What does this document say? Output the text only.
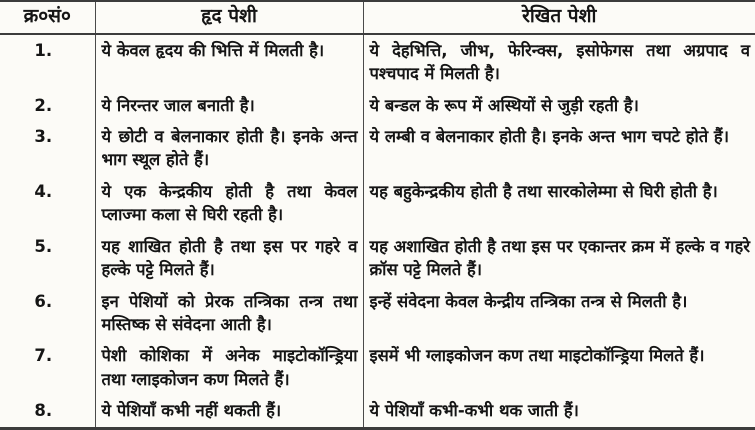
क्र०सं०	हृद पेशी	रेखित पेशी
1.	ये केवल हृदय की भित्ति में मिलती है।	ये देहभित्ति, जीभ, फेरिन्क्स, इसोफेगस तथा अग्रपाद व पश्चपाद में मिलती है।
2.	ये निरन्तर जाल बनाती है।	ये बन्डल के रूप में अस्थियों से जुड़ी रहती है।
3.	ये छोटी व बेलनाकार होती है। इनके अन्त भाग स्थूल होते हैं।	ये लम्बी व बेलनाकार होती है। इनके अन्त भाग चपटे होते हैं।
4.	ये एक केन्द्रकीय होती है तथा केवल प्लाज्मा कला से घिरी रहती है।	यह बहुकेन्द्रकीय होती है तथा सारकोलेम्मा से घिरी होती है।
5.	यह शाखित होती है तथा इस पर गहरे व हल्के पट्टे मिलते हैं।	यह अशाखित होती है तथा इस पर एकान्तर क्रम में हल्के व गहरे क्रॉस पट्टे मिलते हैं।
6.	इन पेशियों को प्रेरक तन्त्रिका तन्त्र तथा मस्तिष्क से संवेदना आती है।	इन्हें संवेदना केवल केन्द्रीय तन्त्रिका तन्त्र से मिलती है।
7.	पेशी कोशिका में अनेक माइटोकॉन्ड्रिया तथा ग्लाइकोजन कण मिलते हैं।	इसमें भी ग्लाइकोजन कण तथा माइटोकॉन्ड्रिया मिलते हैं।
8.	ये पेशियाँ कभी नहीं थकती हैं।	ये पेशियाँ कभी-कभी थक जाती हैं।
